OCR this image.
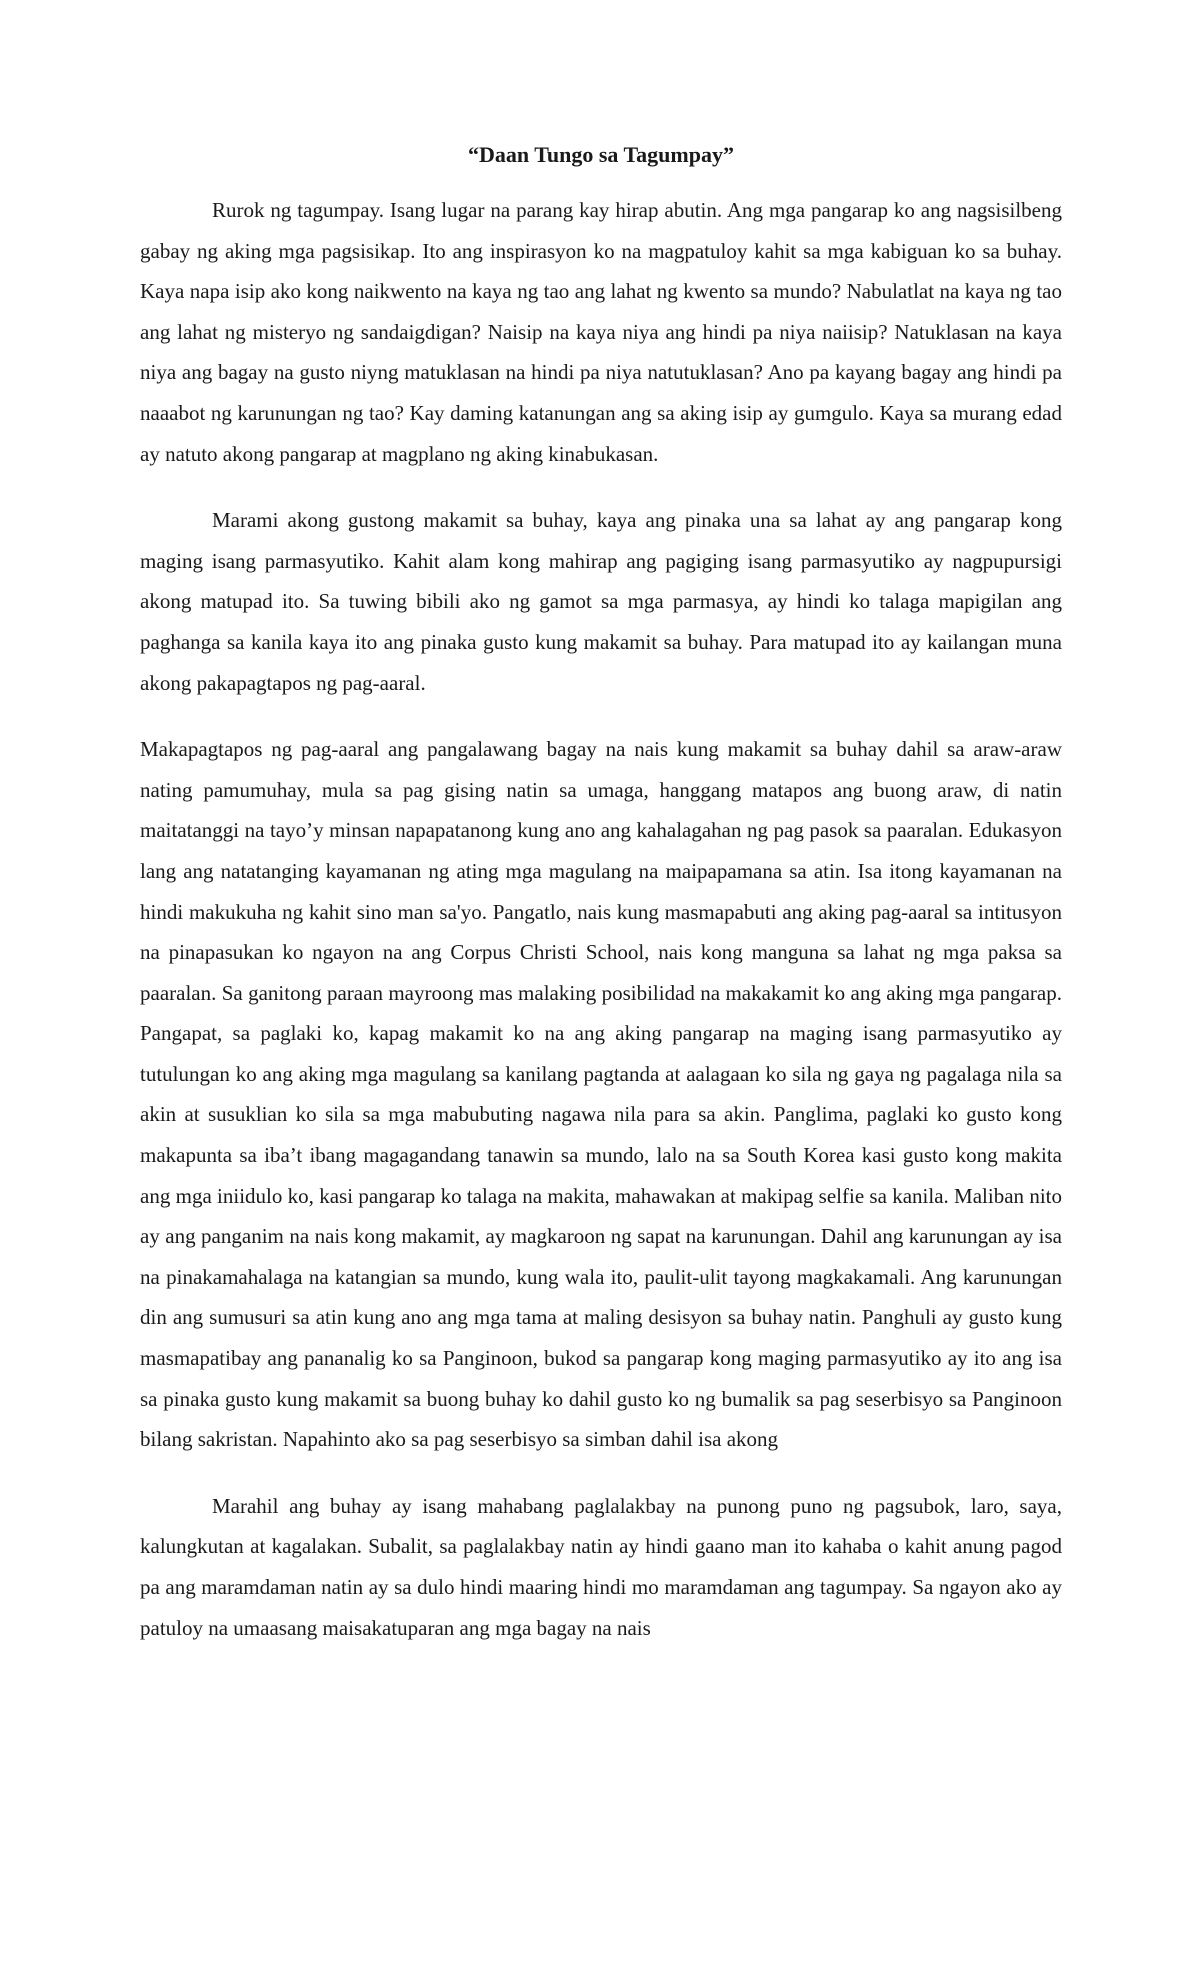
“Daan Tungo sa Tagumpay”

Rurok ng tagumpay. Isang lugar na parang kay hirap abutin. Ang mga pangarap ko ang nagsisilbeng gabay ng aking mga pagsisikap. Ito ang inspirasyon ko na magpatuloy kahit sa mga kabiguan ko sa buhay. Kaya napa isip ako kong naikwento na kaya ng tao ang lahat ng kwento sa mundo? Nabulatlat na kaya ng tao ang lahat ng misteryo ng sandaigdigan? Naisip na kaya niya ang hindi pa niya naiisip? Natuklasan na kaya niya ang bagay na gusto niyng matuklasan na hindi pa niya natutuklasan? Ano pa kayang bagay ang hindi pa naaabot ng karunungan ng tao? Kay daming katanungan ang sa aking isip ay gumgulo. Kaya sa murang edad ay natuto akong pangarap at magplano ng aking kinabukasan.

Marami akong gustong makamit sa buhay, kaya ang pinaka una sa lahat ay ang pangarap kong maging isang parmasyutiko. Kahit alam kong mahirap ang pagiging isang parmasyutiko ay nagpupursigi akong matupad ito. Sa tuwing bibili ako ng gamot sa mga parmasya, ay hindi ko talaga mapigilan ang paghanga sa kanila kaya ito ang pinaka gusto kung makamit sa buhay. Para matupad ito ay kailangan muna akong pakapagtapos ng pag-aaral.

Makapagtapos ng pag-aaral ang pangalawang bagay na nais kung makamit sa buhay dahil sa araw-araw nating pamumuhay, mula sa pag gising natin sa umaga, hanggang matapos ang buong araw, di natin maitatanggi na tayo’y minsan napapatanong kung ano ang kahalagahan ng pag pasok sa paaralan. Edukasyon lang ang natatanging kayamanan ng ating mga magulang na maipapamana sa atin. Isa itong kayamanan na hindi makukuha ng kahit sino man sa'yo. Pangatlo, nais kung masmapabuti ang aking pag-aaral sa intitusyon na pinapasukan ko ngayon na ang Corpus Christi School, nais kong manguna sa lahat ng mga paksa sa paaralan. Sa ganitong paraan mayroong mas malaking posibilidad na makakamit ko ang aking mga pangarap. Pangapat, sa paglaki ko, kapag makamit ko na ang aking pangarap na maging isang parmasyutiko ay tutulungan ko ang aking mga magulang sa kanilang pagtanda at aalagaan ko sila ng gaya ng pagalaga nila sa akin at susuklian ko sila sa mga mabubuting nagawa nila para sa akin. Panglima, paglaki ko gusto kong makapunta sa iba’t ibang magagandang tanawin sa mundo, lalo na sa South Korea kasi gusto kong makita ang mga iniidulo ko, kasi pangarap ko talaga na makita, mahawakan at makipag selfie sa kanila. Maliban nito ay ang panganim na nais kong makamit, ay magkaroon ng sapat na karunungan. Dahil ang karunungan ay isa na pinakamahalaga na katangian sa mundo, kung wala ito, paulit-ulit tayong magkakamali. Ang karunungan din ang sumusuri sa atin kung ano ang mga tama at maling desisyon sa buhay natin. Panghuli ay gusto kung masmapatibay ang pananalig ko sa Panginoon, bukod sa pangarap kong maging parmasyutiko ay ito ang isa sa pinaka gusto kung makamit sa buong buhay ko dahil gusto ko ng bumalik sa pag seserbisyo sa Panginoon bilang sakristan. Napahinto ako sa pag seserbisyo sa simban dahil isa akong

Marahil ang buhay ay isang mahabang paglalakbay na punong puno ng pagsubok, laro, saya, kalungkutan at kagalakan. Subalit, sa paglalakbay natin ay hindi gaano man ito kahaba o kahit anung pagod pa ang maramdaman natin ay sa dulo hindi maaring hindi mo maramdaman ang tagumpay. Sa ngayon ako ay patuloy na umaasang maisakatuparan ang mga bagay na nais
